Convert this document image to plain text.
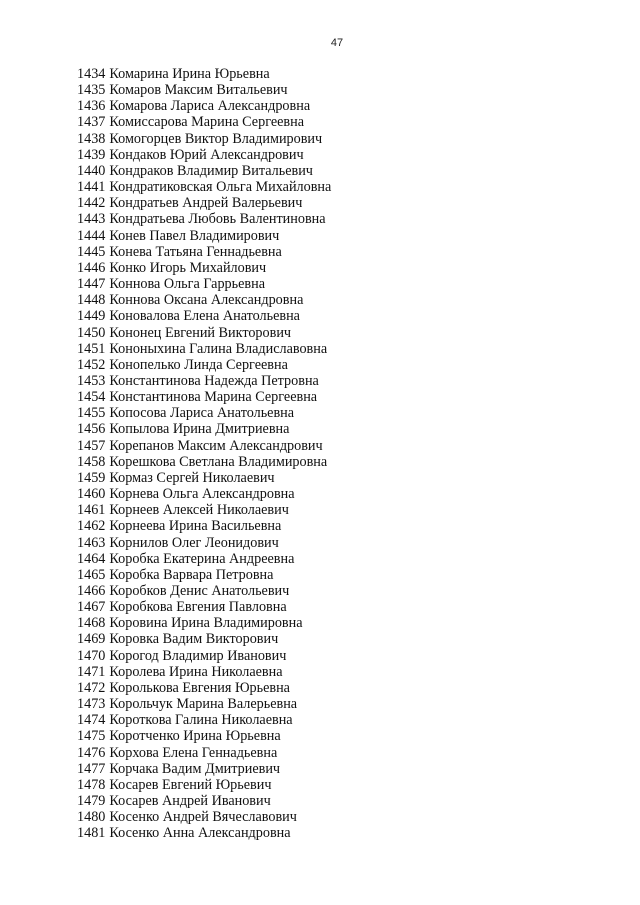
47
1434 Комарина Ирина Юрьевна
1435 Комаров Максим Витальевич
1436 Комарова Лариса Александровна
1437 Комиссарова Марина Сергеевна
1438 Комогорцев Виктор Владимирович
1439 Кондаков Юрий Александрович
1440 Кондраков Владимир Витальевич
1441 Кондратиковская Ольга Михайловна
1442 Кондратьев Андрей Валерьевич
1443 Кондратьева Любовь Валентиновна
1444 Конев Павел Владимирович
1445 Конева Татьяна Геннадьевна
1446 Конко Игорь Михайлович
1447 Коннова Ольга Гаррьевна
1448 Коннова Оксана Александровна
1449 Коновалова Елена Анатольевна
1450 Кононец Евгений Викторович
1451 Кононыхина Галина Владиславовна
1452 Конопелько Линда Сергеевна
1453 Константинова Надежда Петровна
1454 Константинова Марина Сергеевна
1455 Копосова Лариса Анатольевна
1456 Копылова Ирина Дмитриевна
1457 Корепанов Максим Александрович
1458 Корешкова Светлана Владимировна
1459 Кормаз Сергей Николаевич
1460 Корнева Ольга Александровна
1461 Корнеев Алексей Николаевич
1462 Корнеева Ирина Васильевна
1463 Корнилов Олег Леонидович
1464 Коробка Екатерина Андреевна
1465 Коробка Варвара Петровна
1466 Коробков Денис Анатольевич
1467 Коробкова Евгения Павловна
1468 Коровина Ирина Владимировна
1469 Коровка Вадим Викторович
1470 Корогод Владимир Иванович
1471 Королева Ирина Николаевна
1472 Королькова Евгения Юрьевна
1473 Корольчук Марина Валерьевна
1474 Короткова Галина Николаевна
1475 Коротченко Ирина Юрьевна
1476 Корхова Елена Геннадьевна
1477 Корчака Вадим Дмитриевич
1478 Косарев Евгений Юрьевич
1479 Косарев Андрей Иванович
1480 Косенко Андрей Вячеславович
1481 Косенко Анна Александровна
